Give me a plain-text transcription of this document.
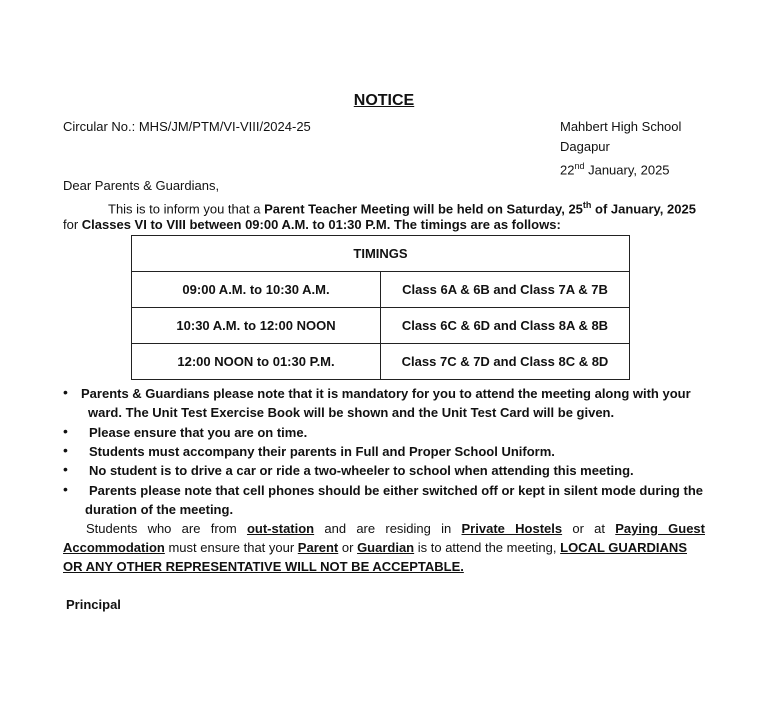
NOTICE
Circular No.: MHS/JM/PTM/VI-VIII/2024-25	Mahbert High School
Dagapur
22nd January, 2025
Dear Parents & Guardians,
This is to inform you that a Parent Teacher Meeting will be held on Saturday, 25th of January, 2025
for Classes VI to VIII between 09:00 A.M. to 01:30 P.M. The timings are as follows:
TIMINGS	
09:00 A.M. to 10:30 A.M.	Class 6A & 6B and Class 7A & 7B
10:30 A.M. to 12:00 NOON	Class 6C & 6D and Class 8A & 8B
12:00 NOON to 01:30 P.M.	Class 7C & 7D and Class 8C & 8D
• Parents & Guardians please note that it is mandatory for you to attend the meeting along with your
ward. The Unit Test Exercise Book will be shown and the Unit Test Card will be given.
• Please ensure that you are on time.
• Students must accompany their parents in Full and Proper School Uniform.
• No student is to drive a car or ride a two-wheeler to school when attending this meeting.
• Parents please note that cell phones should be either switched off or kept in silent mode during the
duration of the meeting.
Students who are from out-station and are residing in Private Hostels or at Paying Guest
Accommodation must ensure that your Parent or Guardian is to attend the meeting, LOCAL GUARDIANS
OR ANY OTHER REPRESENTATIVE WILL NOT BE ACCEPTABLE.
Principal
